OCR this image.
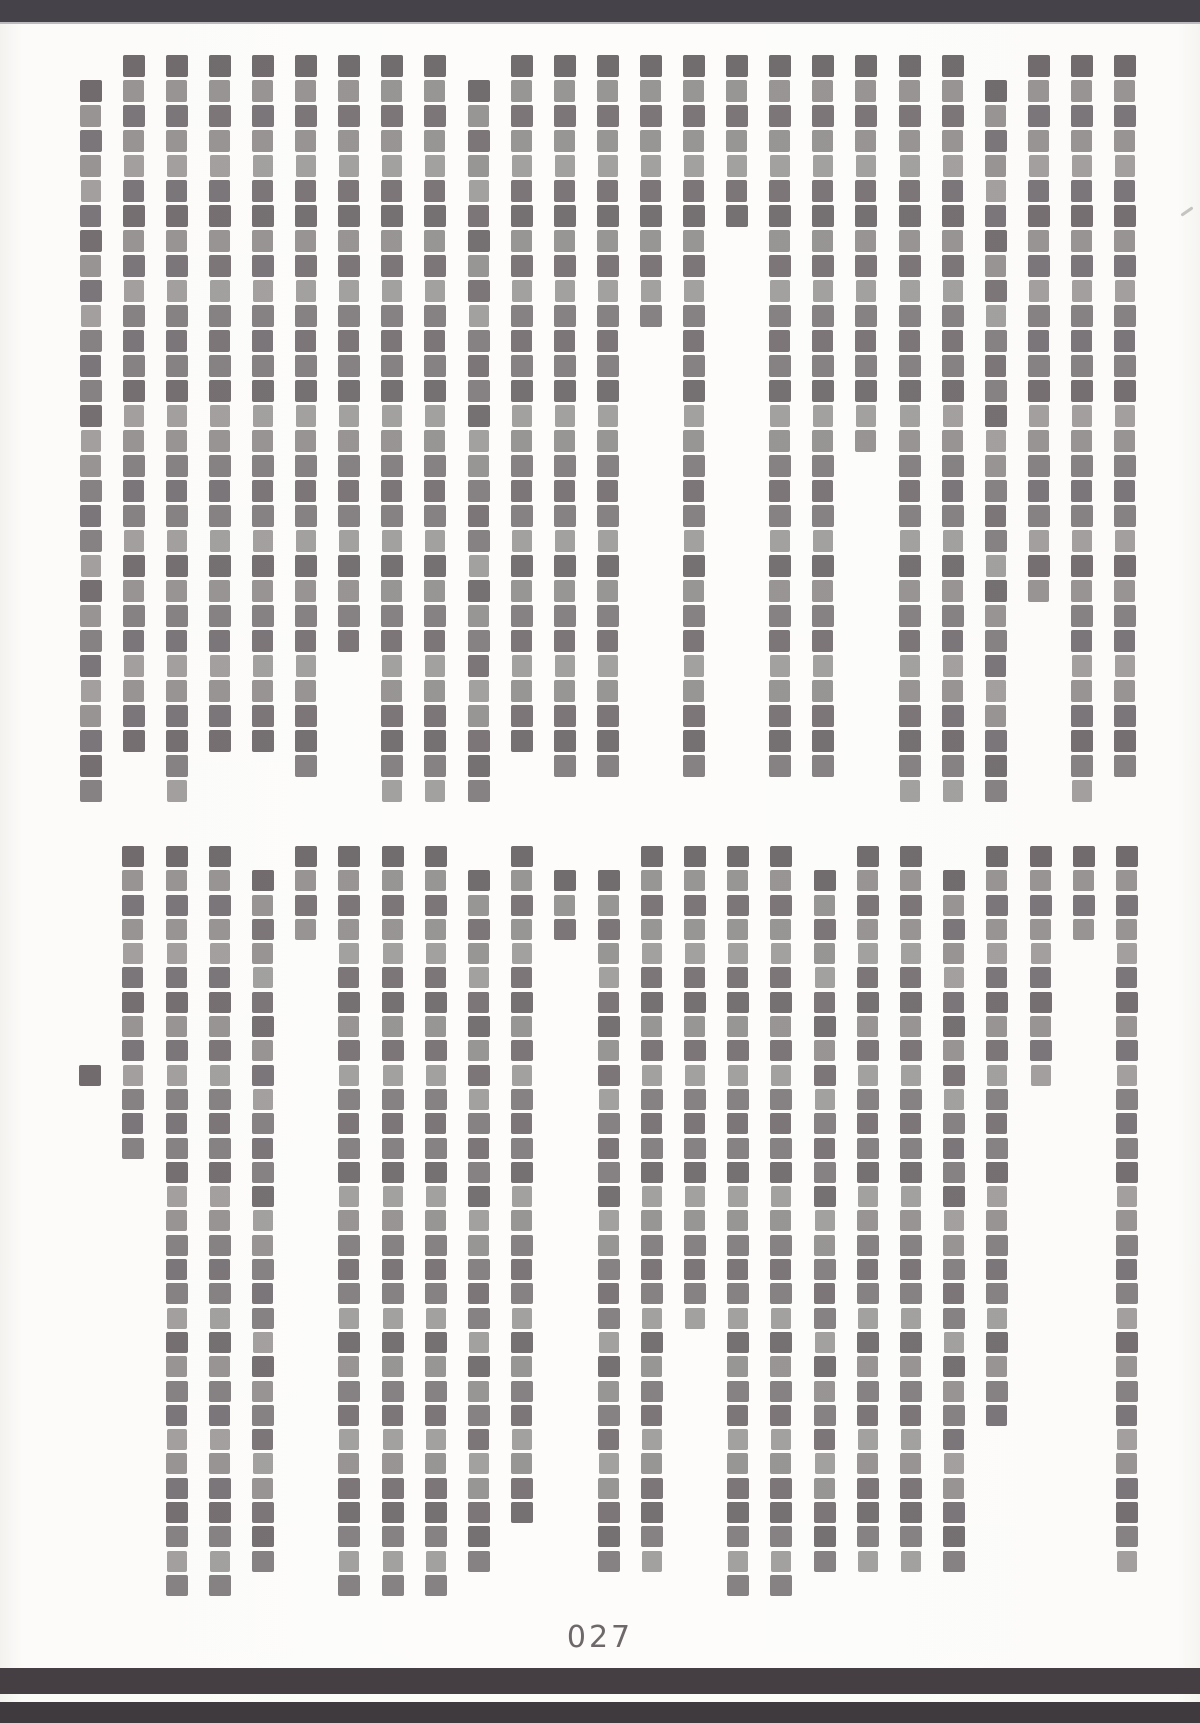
027
